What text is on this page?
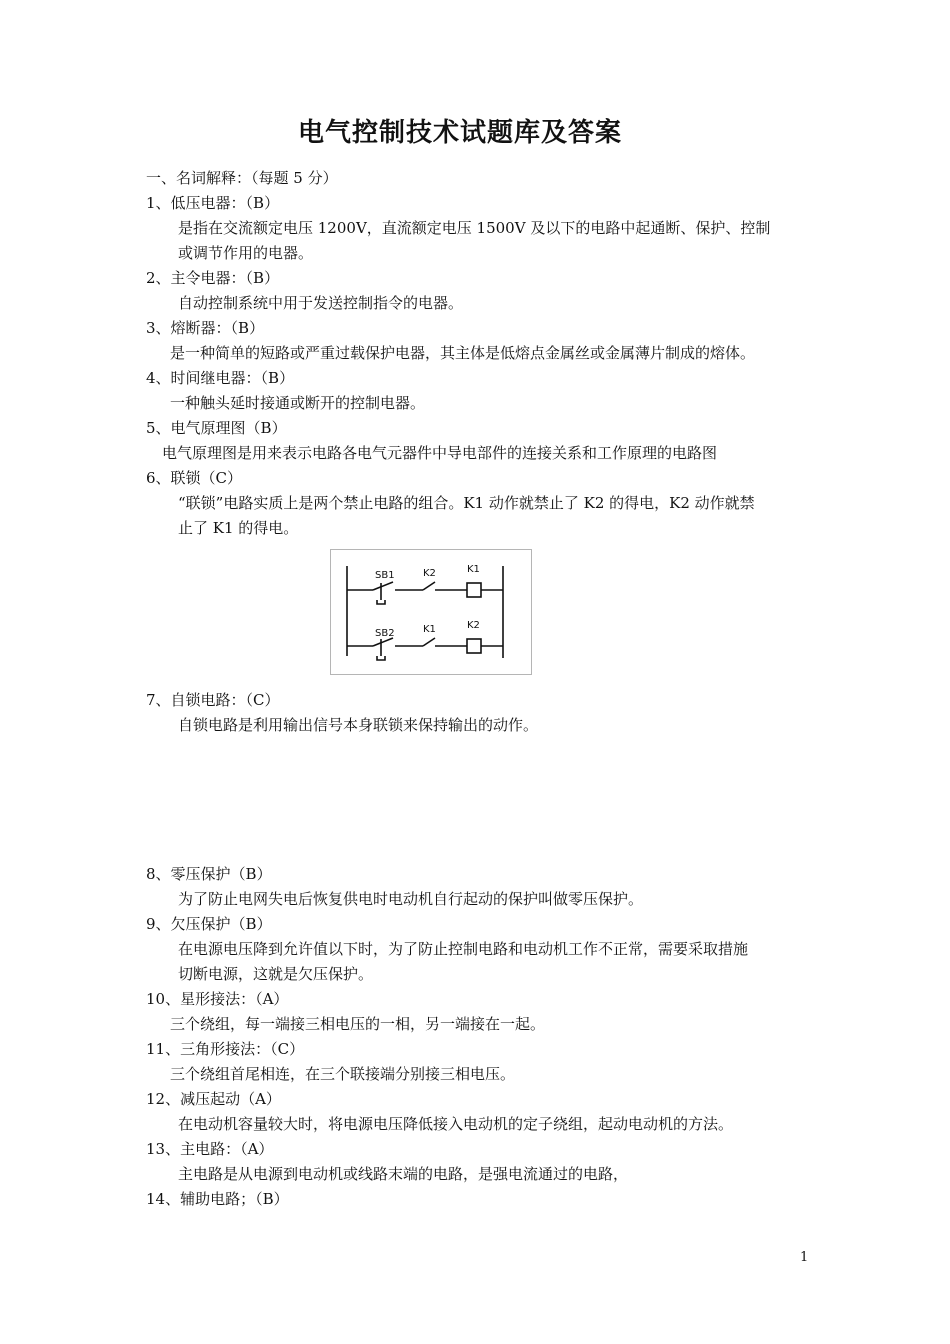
电气控制技术试题库及答案
一、名词解释：（每题 5 分）
1、低压电器：（B）
是指在交流额定电压 1200V，直流额定电压 1500V 及以下的电路中起通断、保护、控制
或调节作用的电器。
2、主令电器：（B）
自动控制系统中用于发送控制指令的电器。
3、熔断器：（B）
是一种简单的短路或严重过载保护电器，其主体是低熔点金属丝或金属薄片制成的熔体。
4、时间继电器：（B）
一种触头延时接通或断开的控制电器。
5、电气原理图（B）
电气原理图是用来表示电路各电气元器件中导电部件的连接关系和工作原理的电路图
6、联锁（C）
“联锁”电路实质上是两个禁止电路的组合。K1 动作就禁止了 K2 的得电，K2 动作就禁
止了 K1 的得电。
SB1	K2	K1
SB2	K1	K2
7、自锁电路：（C）
自锁电路是利用输出信号本身联锁来保持输出的动作。
8、零压保护（B）
为了防止电网失电后恢复供电时电动机自行起动的保护叫做零压保护。
9、欠压保护（B）
在电源电压降到允许值以下时，为了防止控制电路和电动机工作不正常，需要采取措施
切断电源，这就是欠压保护。
10、星形接法：（A）
三个绕组，每一端接三相电压的一相，另一端接在一起。
11、三角形接法：（C）
三个绕组首尾相连，在三个联接端分别接三相电压。
12、减压起动（A）
在电动机容量较大时，将电源电压降低接入电动机的定子绕组，起动电动机的方法。
13、主电路：（A）
主电路是从电源到电动机或线路末端的电路，是强电流通过的电路，
14、辅助电路；（B）
1
